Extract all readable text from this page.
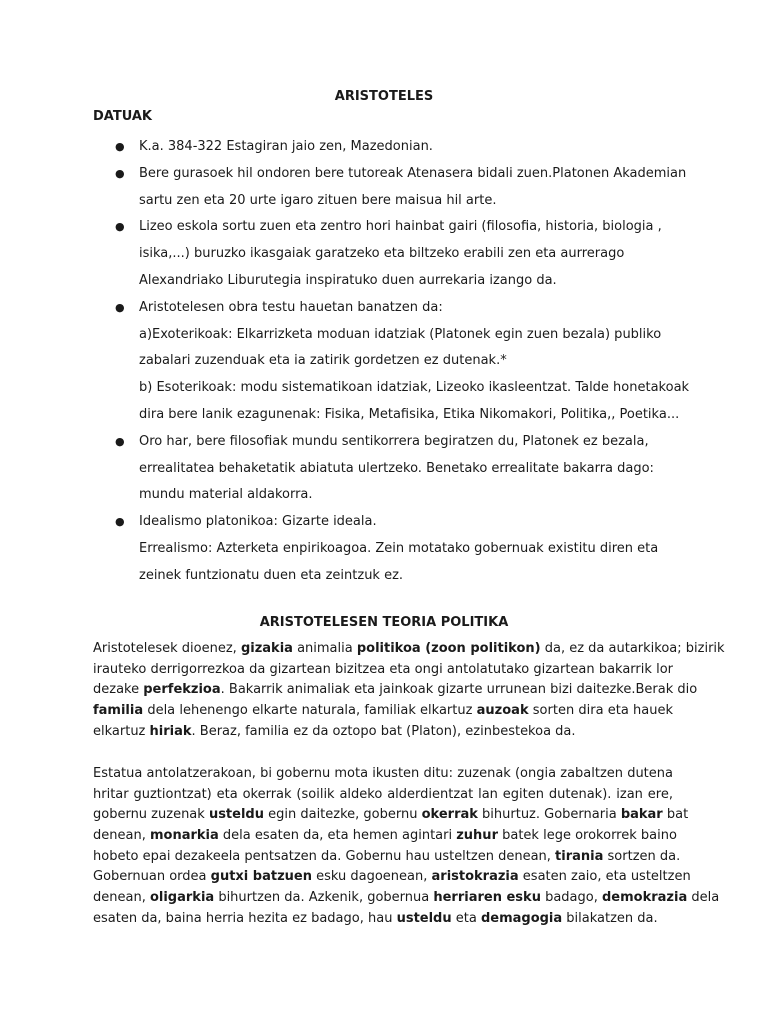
ARISTOTELES
DATUAK
● K.a. 384-322 Estagiran jaio zen, Mazedonian.
● Bere gurasoek hil ondoren bere tutoreak Atenasera bidali zuen.Platonen Akademian
sartu zen eta 20 urte igaro zituen bere maisua hil arte.
● Lizeo eskola sortu zuen eta zentro hori hainbat gairi (filosofia, historia, biologia ,
isika,...) buruzko ikasgaiak garatzeko eta biltzeko erabili zen eta aurrerago
Alexandriako Liburutegia inspiratuko duen aurrekaria izango da.
● Aristotelesen obra testu hauetan banatzen da:
a)Exoterikoak: Elkarrizketa moduan idatziak (Platonek egin zuen bezala) publiko
zabalari zuzenduak eta ia zatirik gordetzen ez dutenak.*
b) Esoterikoak: modu sistematikoan idatziak, Lizeoko ikasleentzat. Talde honetakoak
dira bere lanik ezagunenak: Fisika, Metafisika, Etika Nikomakori, Politika,, Poetika...
● Oro har, bere filosofiak mundu sentikorrera begiratzen du, Platonek ez bezala,
errealitatea behaketatik abiatuta ulertzeko. Benetako errealitate bakarra dago:
mundu material aldakorra.
● Idealismo platonikoa: Gizarte ideala.
Errealismo: Azterketa enpirikoagoa. Zein motatako gobernuak existitu diren eta
zeinek funtzionatu duen eta zeintzuk ez.
ARISTOTELESEN TEORIA POLITIKA
Aristotelesek dioenez, gizakia animalia politikoa (zoon politikon) da, ez da autarkikoa; bizirik
irauteko derrigorrezkoa da gizartean bizitzea eta ongi antolatutako gizartean bakarrik lor
dezake perfekzioa. Bakarrik animaliak eta jainkoak gizarte urrunean bizi daitezke.Berak dio
familia dela lehenengo elkarte naturala, familiak elkartuz auzoak sorten dira eta hauek
elkartuz hiriak. Beraz, familia ez da oztopo bat (Platon), ezinbestekoa da.
Estatua antolatzerakoan, bi gobernu mota ikusten ditu: zuzenak (ongia zabaltzen dutena
hritar guztiontzat) eta okerrak (soilik aldeko alderdientzat lan egiten dutenak). izan ere,
gobernu zuzenak usteldu egin daitezke, gobernu okerrak bihurtuz. Gobernaria bakar bat
denean, monarkia dela esaten da, eta hemen agintari zuhur batek lege orokorrek baino
hobeto epai dezakeela pentsatzen da. Gobernu hau usteltzen denean, tirania sortzen da.
Gobernuan ordea gutxi batzuen esku dagoenean, aristokrazia esaten zaio, eta usteltzen
denean, oligarkia bihurtzen da. Azkenik, gobernua herriaren esku badago, demokrazia dela
esaten da, baina herria hezita ez badago, hau usteldu eta demagogia bilakatzen da.
